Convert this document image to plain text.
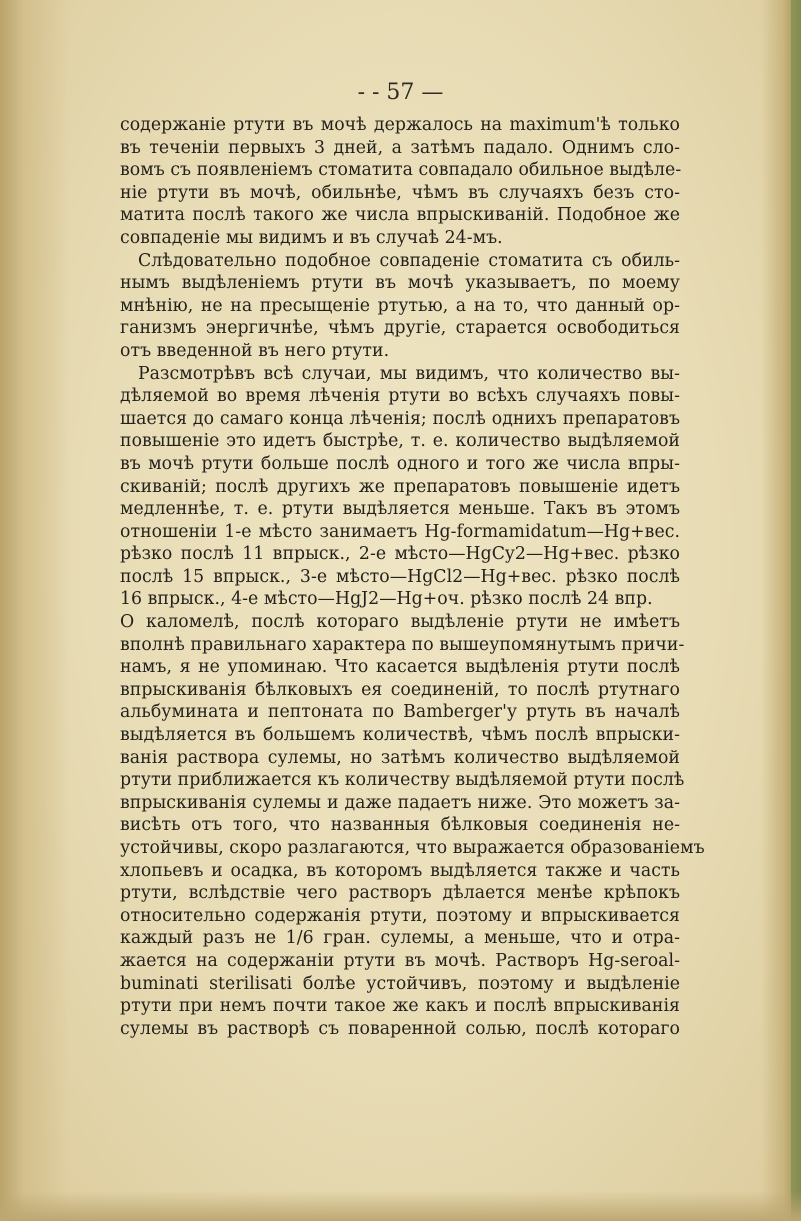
- - 57 —
содержаніе ртути въ мочѣ держалось на maximum'ѣ только
въ теченіи первыхъ 3 дней, а затѣмъ падало. Однимъ сло-
вомъ съ появленіемъ стоматита совпадало обильное выдѣле-
ніе ртути въ мочѣ, обильнѣе, чѣмъ въ случаяхъ безъ сто-
матита послѣ такого же числа впрыскиваній. Подобное же
совпаденіе мы видимъ и въ случаѣ 24-мъ.
Слѣдовательно подобное совпаденіе стоматита съ обиль-
нымъ выдѣленіемъ ртути въ мочѣ указываетъ, по моему
мнѣнію, не на пресыщеніе ртутью, а на то, что данный ор-
ганизмъ энергичнѣе, чѣмъ другіе, старается освободиться
отъ введенной въ него ртути.
Разсмотрѣвъ всѣ случаи, мы видимъ, что количество вы-
дѣляемой во время лѣченія ртути во всѣхъ случаяхъ повы-
шается до самаго конца лѣченія; послѣ однихъ препаратовъ
повышеніе это идетъ быстрѣе, т. е. количество выдѣляемой
въ мочѣ ртути больше послѣ одного и того же числа впры-
скиваній; послѣ другихъ же препаратовъ повышеніе идетъ
медленнѣе, т. е. ртути выдѣляется меньше. Такъ въ этомъ
отношеніи 1-е мѣсто занимаетъ Hg-formamidatum—Hg+вес.
рѣзко послѣ 11 впрыск., 2-е мѣсто—HgCy2—Hg+вес. рѣзко
послѣ 15 впрыск., 3-е мѣсто—HgCl2—Hg+вес. рѣзко послѣ
16 впрыск., 4-е мѣсто—HgJ2—Hg+оч. рѣзко послѣ 24 впр.
О каломелѣ, послѣ котораго выдѣленіе ртути не имѣетъ
вполнѣ правильнаго характера по вышеупомянутымъ причи-
намъ, я не упоминаю. Что касается выдѣленія ртути послѣ
впрыскиванія бѣлковыхъ ея соединеній, то послѣ ртутнаго
альбумината и пептоната по Bamberger'у ртуть въ началѣ
выдѣляется въ большемъ количествѣ, чѣмъ послѣ впрыски-
ванія раствора сулемы, но затѣмъ количество выдѣляемой
ртути приближается къ количеству выдѣляемой ртути послѣ
впрыскиванія сулемы и даже падаетъ ниже. Это можетъ за-
висѣть отъ того, что названныя бѣлковыя соединенія не-
устойчивы, скоро разлагаются, что выражается образованіемъ
хлопьевъ и осадка, въ которомъ выдѣляется также и часть
ртути, вслѣдствіе чего растворъ дѣлается менѣе крѣпокъ
относительно содержанія ртути, поэтому и впрыскивается
каждый разъ не 1/6 гран. сулемы, а меньше, что и отра-
жается на содержаніи ртути въ мочѣ. Растворъ Hg-seroal-
buminati sterilisati болѣе устойчивъ, поэтому и выдѣленіе
ртути при немъ почти такое же какъ и послѣ впрыскиванія
сулемы въ растворѣ съ поваренной солью, послѣ котораго
